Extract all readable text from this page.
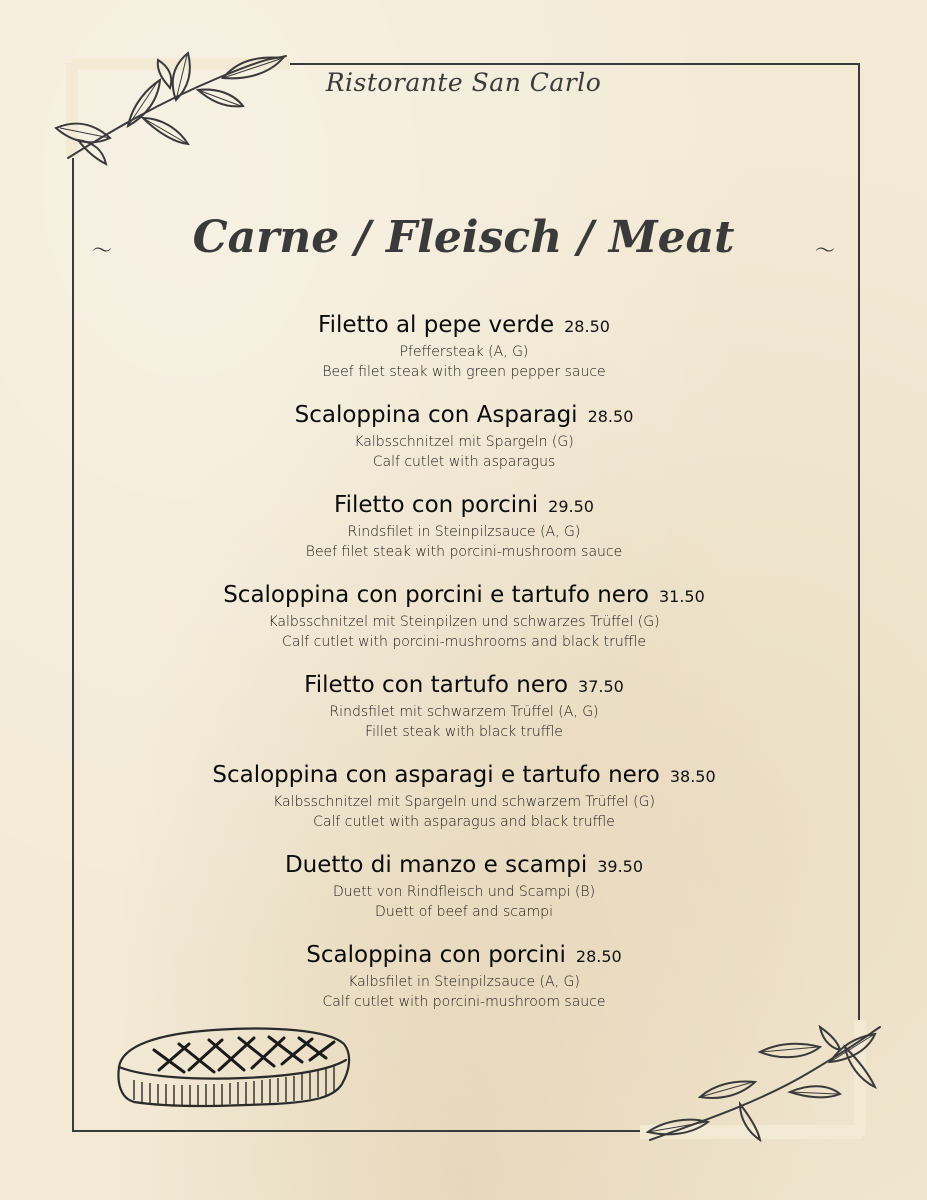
Ristorante San Carlo
〜	Carne / Fleisch / Meat	〜
Filetto al pepe verde 28.50
Pfeffersteak (A, G)
Beef filet steak with green pepper sauce
Scaloppina con Asparagi 28.50
Kalbsschnitzel mit Spargeln (G)
Calf cutlet with asparagus
Filetto con porcini 29.50
Rindsfilet in Steinpilzsauce (A, G)
Beef filet steak with porcini-mushroom sauce
Scaloppina con porcini e tartufo nero 31.50
Kalbsschnitzel mit Steinpilzen und schwarzes Trüffel (G)
Calf cutlet with porcini-mushrooms and black truffle
Filetto con tartufo nero 37.50
Rindsfilet mit schwarzem Trüffel (A, G)
Fillet steak with black truffle
Scaloppina con asparagi e tartufo nero 38.50
Kalbsschnitzel mit Spargeln und schwarzem Trüffel (G)
Calf cutlet with asparagus and black truffle
Duetto di manzo e scampi 39.50
Duett von Rindfleisch und Scampi (B)
Duett of beef and scampi
Scaloppina con porcini 28.50
Kalbsfilet in Steinpilzsauce (A, G)
Calf cutlet with porcini-mushroom sauce
